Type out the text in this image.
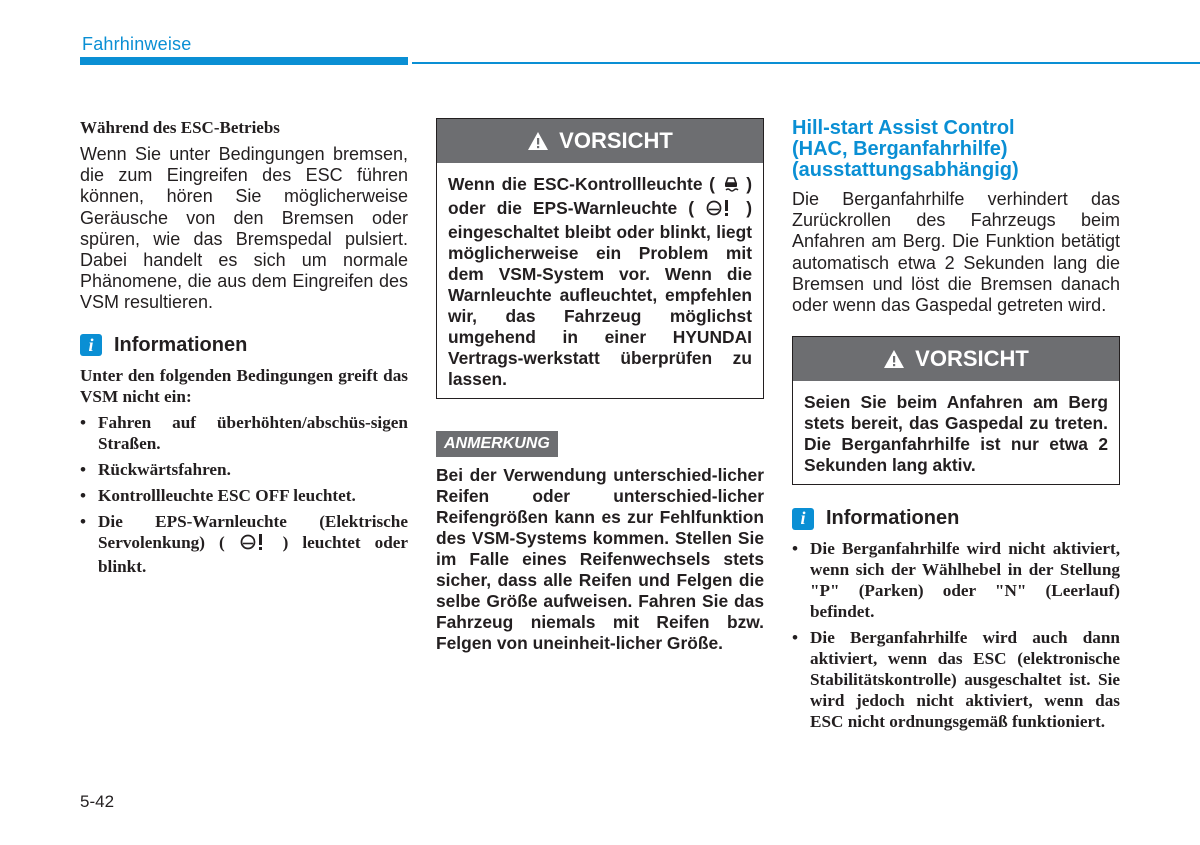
Fahrhinweise
Während des ESC-Betriebs

Wenn Sie unter Bedingungen bremsen, die zum Eingreifen des ESC führen können, hören Sie möglicherweise Geräusche von den Bremsen oder spüren, wie das Bremspedal pulsiert. Dabei handelt es sich um normale Phänomene, die aus dem Eingreifen des VSM resultieren.

i	Informationen
Unter den folgenden Bedingungen greift das VSM nicht ein:
• Fahren auf überhöhten/abschüs-sigen Straßen.
• Rückwärtsfahren.
• Kontrollleuchte ESC OFF leuchtet.
• Die EPS-Warnleuchte (Elektrische Servolenkung) (	) leuchtet oder blinkt.
VORSICHT
Wenn die ESC-Kontrollleuchte ( ) oder die EPS-Warnleuchte (	) eingeschaltet bleibt oder blinkt, liegt möglicherweise ein Problem mit dem VSM-System vor. Wenn die Warnleuchte aufleuchtet, empfehlen wir, das Fahrzeug möglichst umgehend in einer HYUNDAI Vertrags-werkstatt überprüfen zu lassen.
ANMERKUNG
Bei der Verwendung unterschied-licher Reifen oder unterschied-licher Reifengrößen kann es zur Fehlfunktion des VSM-Systems kommen. Stellen Sie im Falle eines Reifenwechsels stets sicher, dass alle Reifen und Felgen die selbe Größe aufweisen. Fahren Sie das Fahrzeug niemals mit Reifen bzw. Felgen von uneinheit-licher Größe.
Hill-start Assist Control
(HAC, Berganfahrhilfe)
(ausstattungsabhängig)

Die Berganfahrhilfe verhindert das Zurückrollen des Fahrzeugs beim Anfahren am Berg. Die Funktion betätigt automatisch etwa 2 Sekunden lang die Bremsen und löst die Bremsen danach oder wenn das Gaspedal getreten wird.

VORSICHT
Seien Sie beim Anfahren am Berg stets bereit, das Gaspedal zu treten. Die Berganfahrhilfe ist nur etwa 2 Sekunden lang aktiv.
i	Informationen
• Die Berganfahrhilfe wird nicht aktiviert, wenn sich der Wählhebel in der Stellung "P" (Parken) oder "N" (Leerlauf) befindet.
• Die Berganfahrhilfe wird auch dann aktiviert, wenn das ESC (elektronische Stabilitätskontrolle) ausgeschaltet ist. Sie wird jedoch nicht aktiviert, wenn das ESC nicht ordnungsgemäß funktioniert.
5-42
